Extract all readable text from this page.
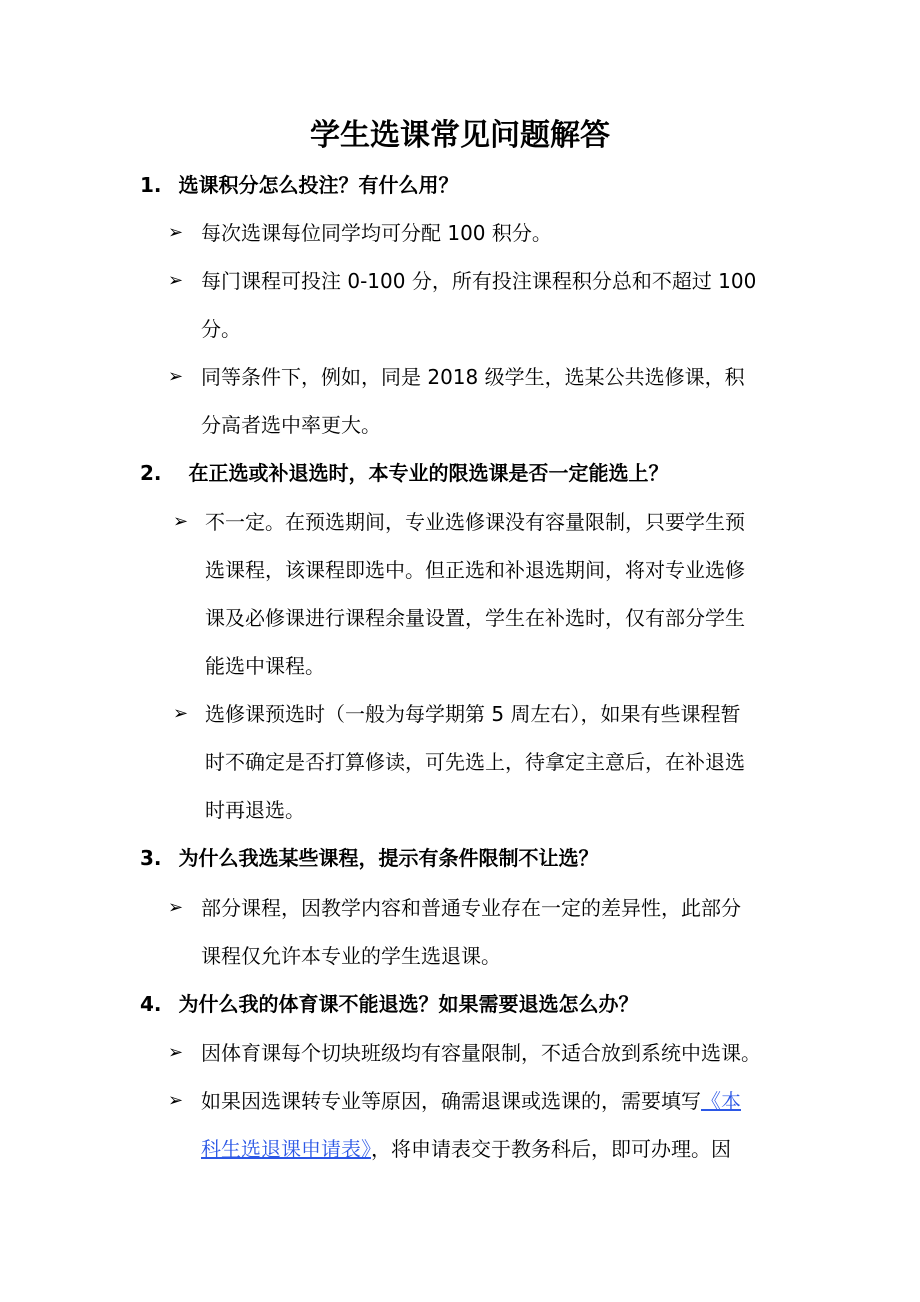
学生选课常见问题解答
1. 选课积分怎么投注？有什么用？
➢ 每次选课每位同学均可分配 100 积分。
➢ 每门课程可投注 0-100 分，所有投注课程积分总和不超过 100
分。
➢ 同等条件下，例如，同是 2018 级学生，选某公共选修课，积
分高者选中率更大。
2. 在正选或补退选时，本专业的限选课是否一定能选上？
➢ 不一定。在预选期间，专业选修课没有容量限制，只要学生预
选课程，该课程即选中。但正选和补退选期间，将对专业选修
课及必修课进行课程余量设置，学生在补选时，仅有部分学生
能选中课程。
➢ 选修课预选时（一般为每学期第 5 周左右），如果有些课程暂
时不确定是否打算修读，可先选上，待拿定主意后，在补退选
时再退选。
3. 为什么我选某些课程，提示有条件限制不让选？
➢ 部分课程，因教学内容和普通专业存在一定的差异性，此部分
课程仅允许本专业的学生选退课。
4. 为什么我的体育课不能退选？如果需要退选怎么办？
➢ 因体育课每个切块班级均有容量限制，不适合放到系统中选课。
➢ 如果因选课转专业等原因，确需退课或选课的，需要填写《本
科生选退课申请表》，将申请表交于教务科后，即可办理。因
